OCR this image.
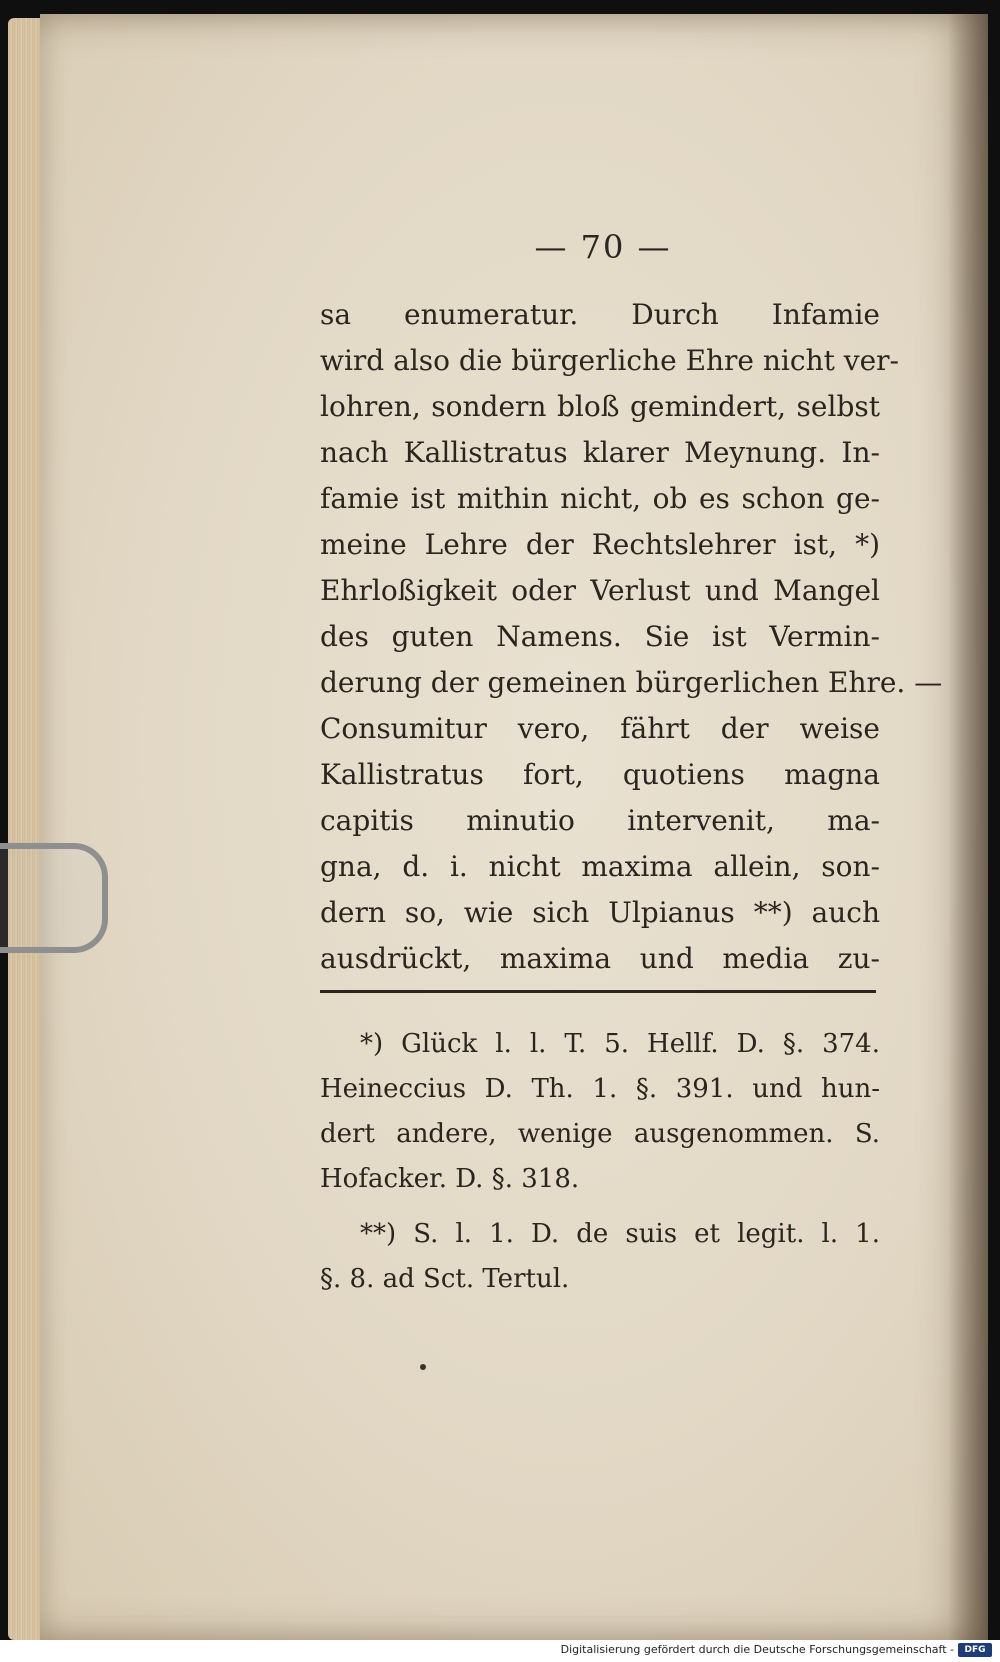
— 70 —
sa enumeratur. Durch Infamie
wird also die bürgerliche Ehre nicht ver-
lohren, sondern bloß gemindert, selbst
nach Kallistratus klarer Meynung. In-
famie ist mithin nicht, ob es schon ge-
meine Lehre der Rechtslehrer ist, *)
Ehrloßigkeit oder Verlust und Mangel
des guten Namens. Sie ist Vermin-
derung der gemeinen bürgerlichen Ehre. —
Consumitur vero, fährt der weise
Kallistratus fort, quotiens magna
capitis minutio intervenit, ma-
gna, d. i. nicht maxima allein, son-
dern so, wie sich Ulpianus **) auch
ausdrückt, maxima und media zu-
*) Glück l. l. T. 5. Hellf. D. §. 374.
Heineccius D. Th. 1. §. 391. und hun-
dert andere, wenige ausgenommen. S.
Hofacker. D. §. 318.
**) S. l. 1. D. de suis et legit. l. 1.
§. 8. ad Sct. Tertul.
Digitalisierung gefördert durch die Deutsche Forschungsgemeinschaft -	DFG
